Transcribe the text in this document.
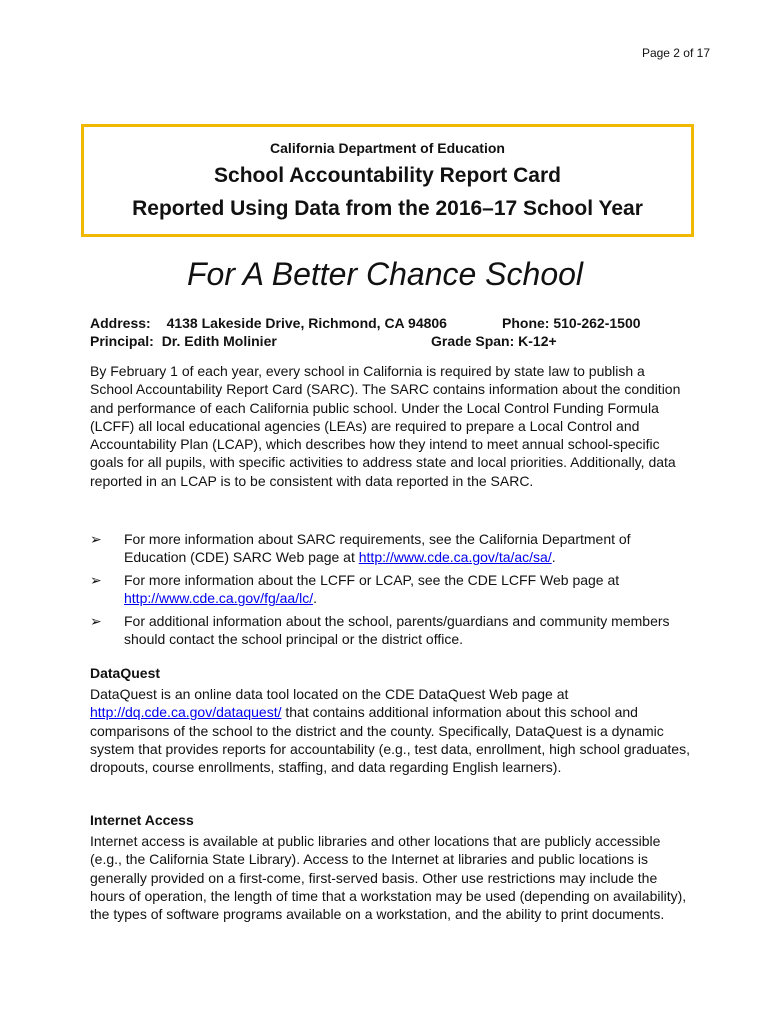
Page 2 of 17
California Department of Education
School Accountability Report Card
Reported Using Data from the 2016–17 School Year
For A Better Chance School
Address: 4138 Lakeside Drive, Richmond, CA 94806	Phone: 510-262-1500
Principal: Dr. Edith Molinier	Grade Span: K-12+
By February 1 of each year, every school in California is required by state law to publish a School Accountability Report Card (SARC). The SARC contains information about the condition and performance of each California public school. Under the Local Control Funding Formula (LCFF) all local educational agencies (LEAs) are required to prepare a Local Control and Accountability Plan (LCAP), which describes how they intend to meet annual school-specific goals for all pupils, with specific activities to address state and local priorities. Additionally, data reported in an LCAP is to be consistent with data reported in the SARC.
➢ For more information about SARC requirements, see the California Department of Education (CDE) SARC Web page at http://www.cde.ca.gov/ta/ac/sa/.
➢ For more information about the LCFF or LCAP, see the CDE LCFF Web page at http://www.cde.ca.gov/fg/aa/lc/.
➢ For additional information about the school, parents/guardians and community members should contact the school principal or the district office.
DataQuest
DataQuest is an online data tool located on the CDE DataQuest Web page at http://dq.cde.ca.gov/dataquest/ that contains additional information about this school and comparisons of the school to the district and the county. Specifically, DataQuest is a dynamic system that provides reports for accountability (e.g., test data, enrollment, high school graduates, dropouts, course enrollments, staffing, and data regarding English learners).
Internet Access
Internet access is available at public libraries and other locations that are publicly accessible (e.g., the California State Library). Access to the Internet at libraries and public locations is generally provided on a first-come, first-served basis. Other use restrictions may include the hours of operation, the length of time that a workstation may be used (depending on availability), the types of software programs available on a workstation, and the ability to print documents.
